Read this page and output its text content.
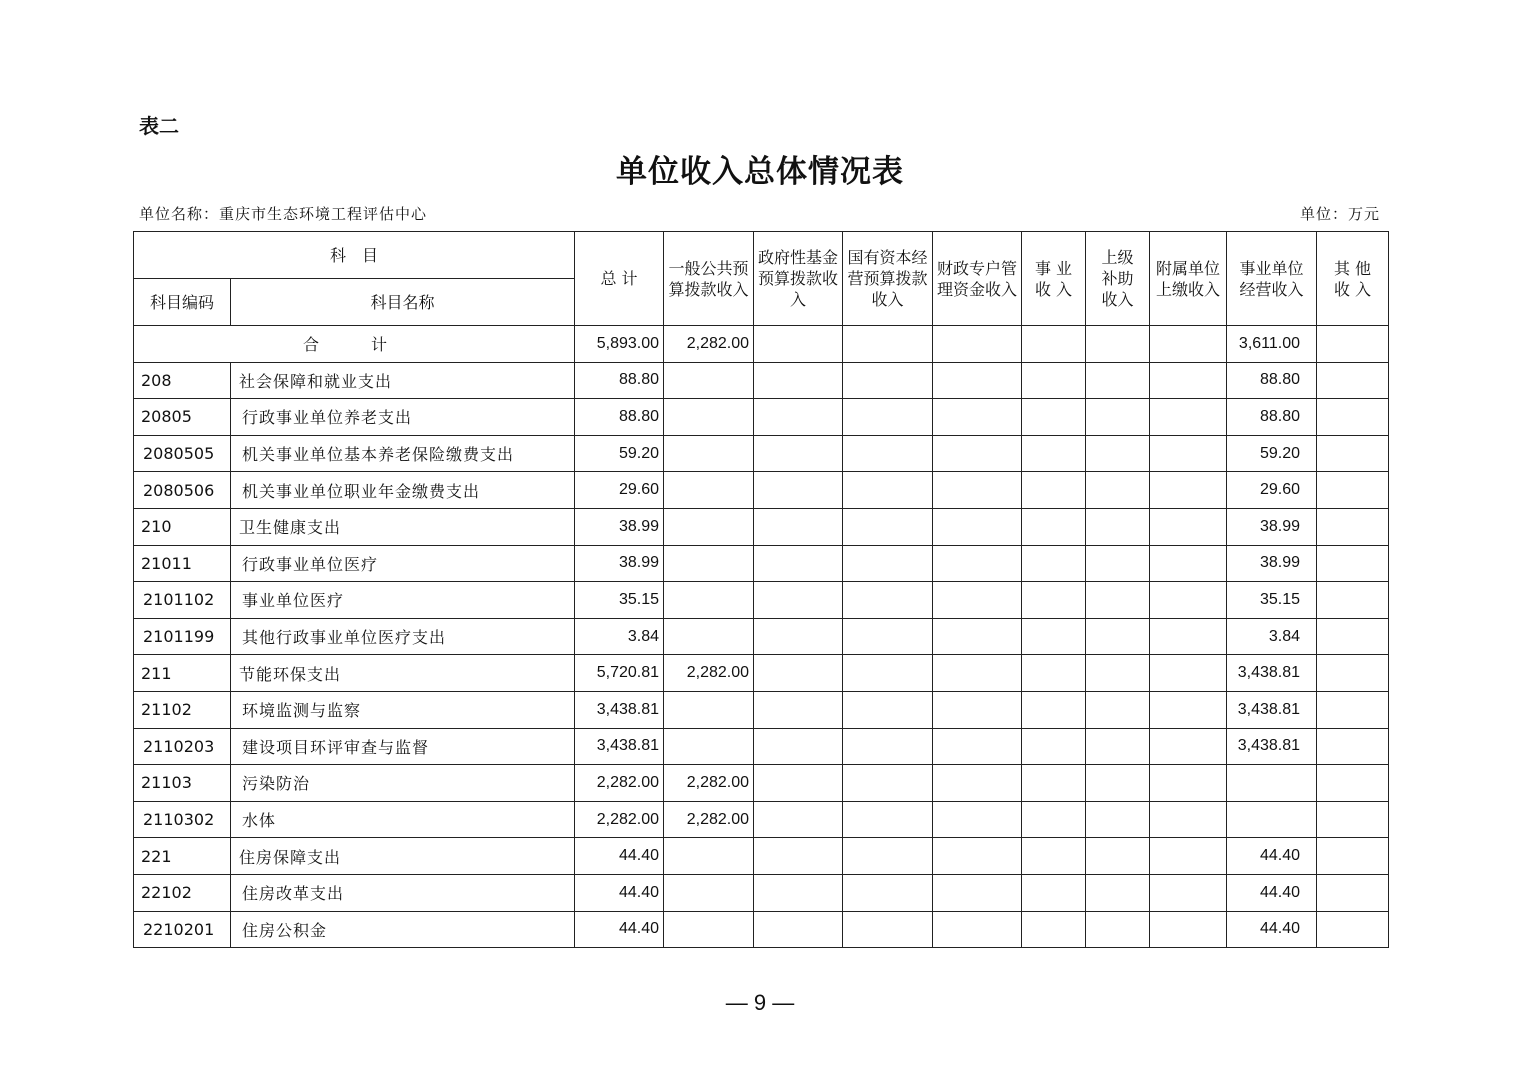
表二
单位收入总体情况表
单位名称：重庆市生态环境工程评估中心	单位：万元
科　目		总 计	一般公共预算拨款收入	政府性基金预算拨款收入	国有资本经营预算拨款收入	财政专户管理资金收入	事 业收 入	上级补助收入	附属单位上缴收入	事业单位经营收入	其 他收 入
科目编码	科目名称										
合　计		5,893.00	2,282.00							3,611.00	
208	社会保障和就业支出	88.80								88.80	
20805	行政事业单位养老支出	88.80								88.80	
2080505	机关事业单位基本养老保险缴费支出	59.20								59.20	
2080506	机关事业单位职业年金缴费支出	29.60								29.60	
210	卫生健康支出	38.99								38.99	
21011	行政事业单位医疗	38.99								38.99	
2101102	事业单位医疗	35.15								35.15	
2101199	其他行政事业单位医疗支出	3.84								3.84	
211	节能环保支出	5,720.81	2,282.00							3,438.81	
21102	环境监测与监察	3,438.81								3,438.81	
2110203	建设项目环评审查与监督	3,438.81								3,438.81	
21103	污染防治	2,282.00	2,282.00								
2110302	水体	2,282.00	2,282.00								
221	住房保障支出	44.40								44.40	
22102	住房改革支出	44.40								44.40	
2210201	住房公积金	44.40								44.40	
— 9 —
